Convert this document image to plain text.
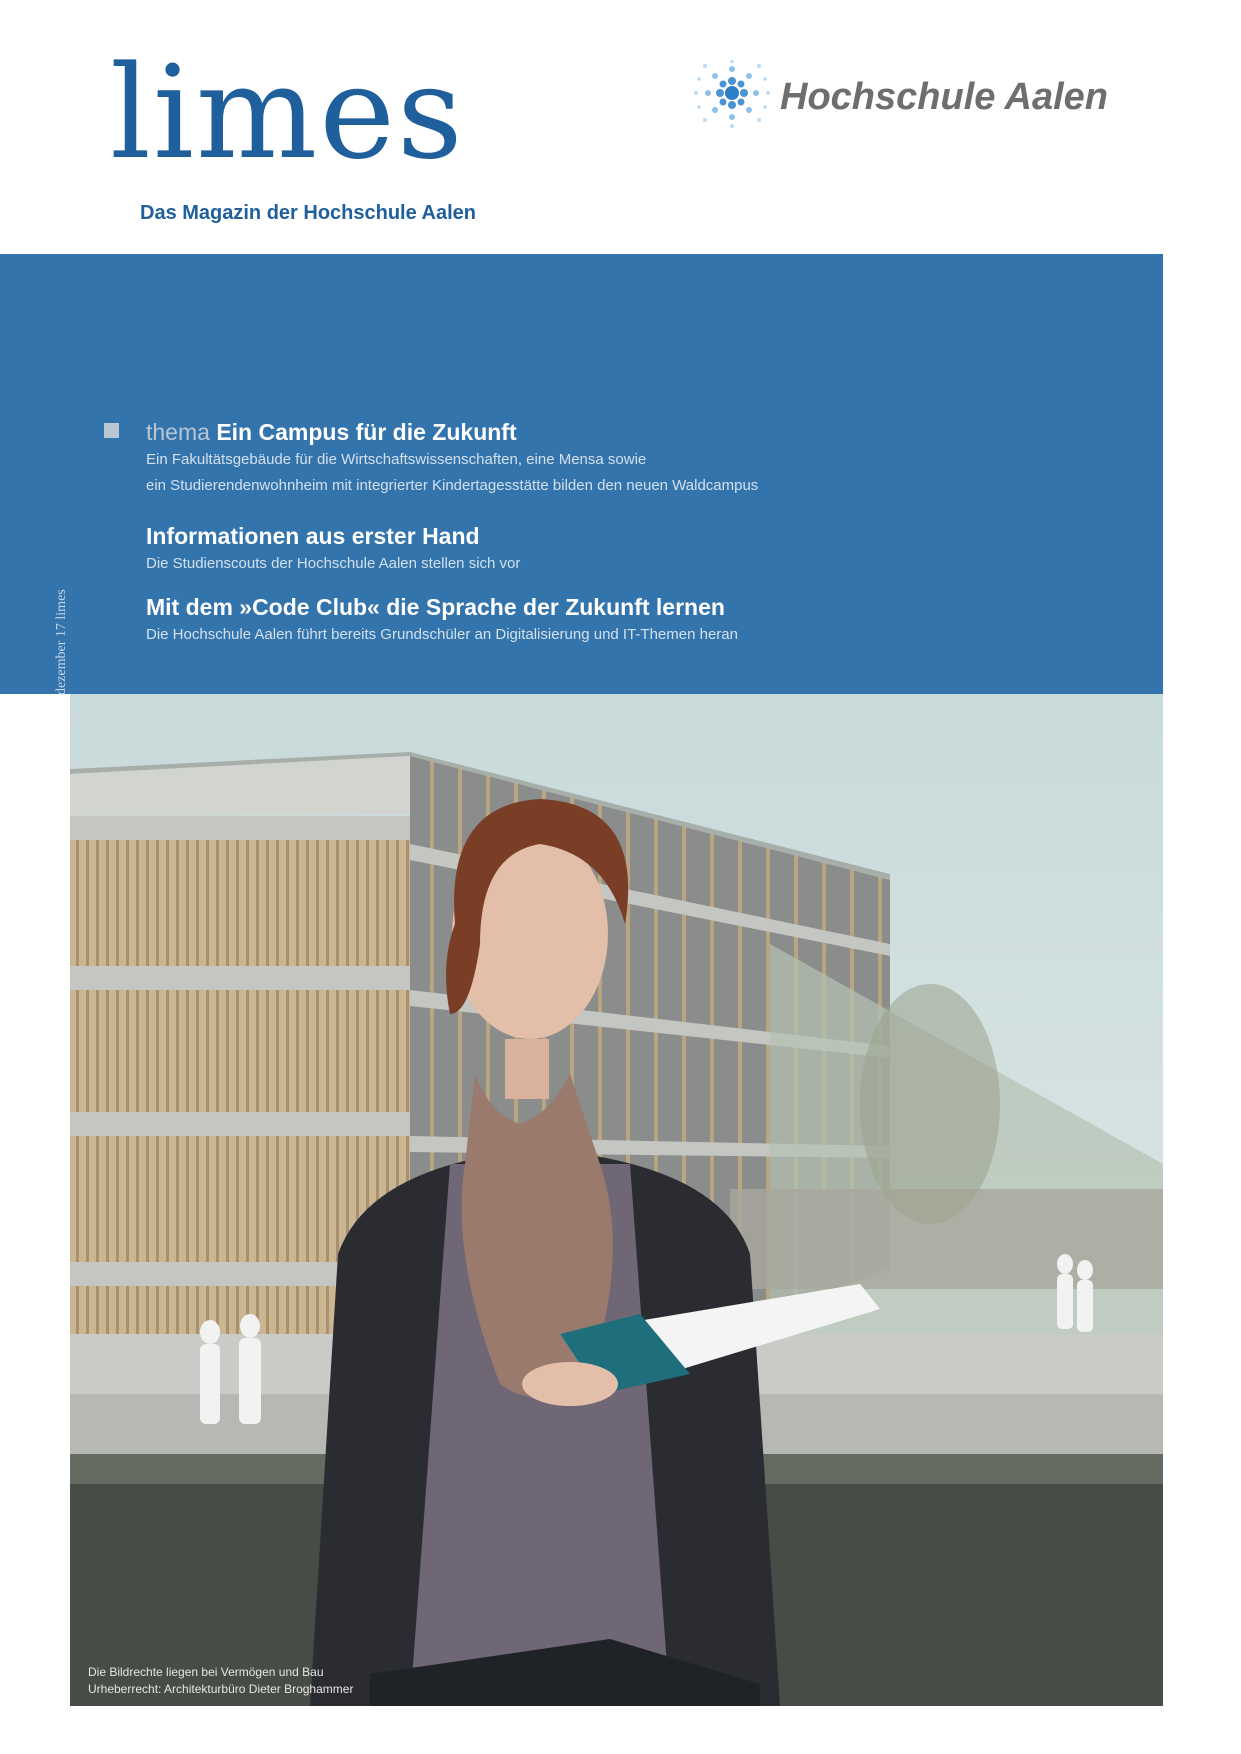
limes
Das Magazin der Hochschule Aalen
Hochschule Aalen
dezember 17 limes
thema Ein Campus für die Zukunft

Ein Fakultätsgebäude für die Wirtschaftswissenschaften, eine Mensa sowie

ein Studierendenwohnheim mit integrierter Kindertagesstätte bilden den neuen Waldcampus

Informationen aus erster Hand

Die Studienscouts der Hochschule Aalen stellen sich vor

Mit dem »Code Club« die Sprache der Zukunft lernen

Die Hochschule Aalen führt bereits Grundschüler an Digitalisierung und IT-Themen heran

Die Bildrechte liegen bei Vermögen und Bau
Urheberrecht: Architekturbüro Dieter Broghammer
